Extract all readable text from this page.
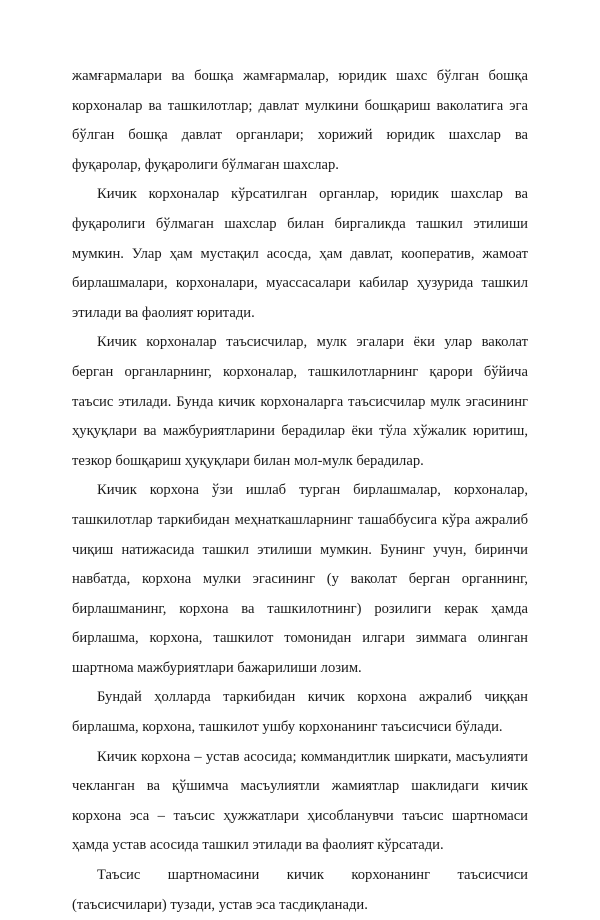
жамғармалари ва бошқа жамғармалар, юридик шахс бўлган бошқа корхоналар ва ташкилотлар; давлат мулкини бошқариш ваколатига эга бўлган бошқа давлат органлари; хорижий юридик шахслар ва фуқаролар, фуқаролиги бўлмаган шахслар.

Кичик корхоналар кўрсатилган органлар, юридик шахслар ва фуқаролиги бўлмаган шахслар билан биргаликда ташкил этилиши мумкин. Улар ҳам мустақил асосда, ҳам давлат, кооператив, жамоат бирлашмалари, корхоналари, муассасалари кабилар ҳузурида ташкил этилади ва фаолият юритади.

Кичик корхоналар таъсисчилар, мулк эгалари ёки улар ваколат берган органларнинг, корхоналар, ташкилотларнинг қарори бўйича таъсис этилади. Бунда кичик корхоналарга таъсисчилар мулк эгасининг ҳуқуқлари ва мажбуриятларини берадилар ёки тўла хўжалик юритиш, тезкор бошқариш ҳуқуқлари билан мол-мулк берадилар.

Кичик корхона ўзи ишлаб турган бирлашмалар, корхоналар, ташкилотлар таркибидан меҳнаткашларнинг ташаббусига кўра ажралиб чиқиш натижасида ташкил этилиши мумкин. Бунинг учун, биринчи навбатда, корхона мулки эгасининг (у ваколат берган органнинг, бирлашманинг, корхона ва ташкилотнинг) розилиги керак ҳамда бирлашма, корхона, ташкилот томонидан илгари зиммага олинган шартнома мажбуриятлари бажарилиши лозим.

Бундай ҳолларда таркибидан кичик корхона ажралиб чиққан бирлашма, корхона, ташкилот ушбу корхонанинг таъсисчиси бўлади.

Кичик корхона – устав асосида; коммандитлик ширкати, масъулияти чекланган ва қўшимча масъулиятли жамиятлар шаклидаги кичик корхона эса – таъсис ҳужжатлари ҳисобланувчи таъсис шартномаси ҳамда устав асосида ташкил этилади ва фаолият кўрсатади.

Таъсис шартномасини кичик корхонанинг таъсисчиси (таъсисчилари) тузади, устав эса тасдиқланади.
